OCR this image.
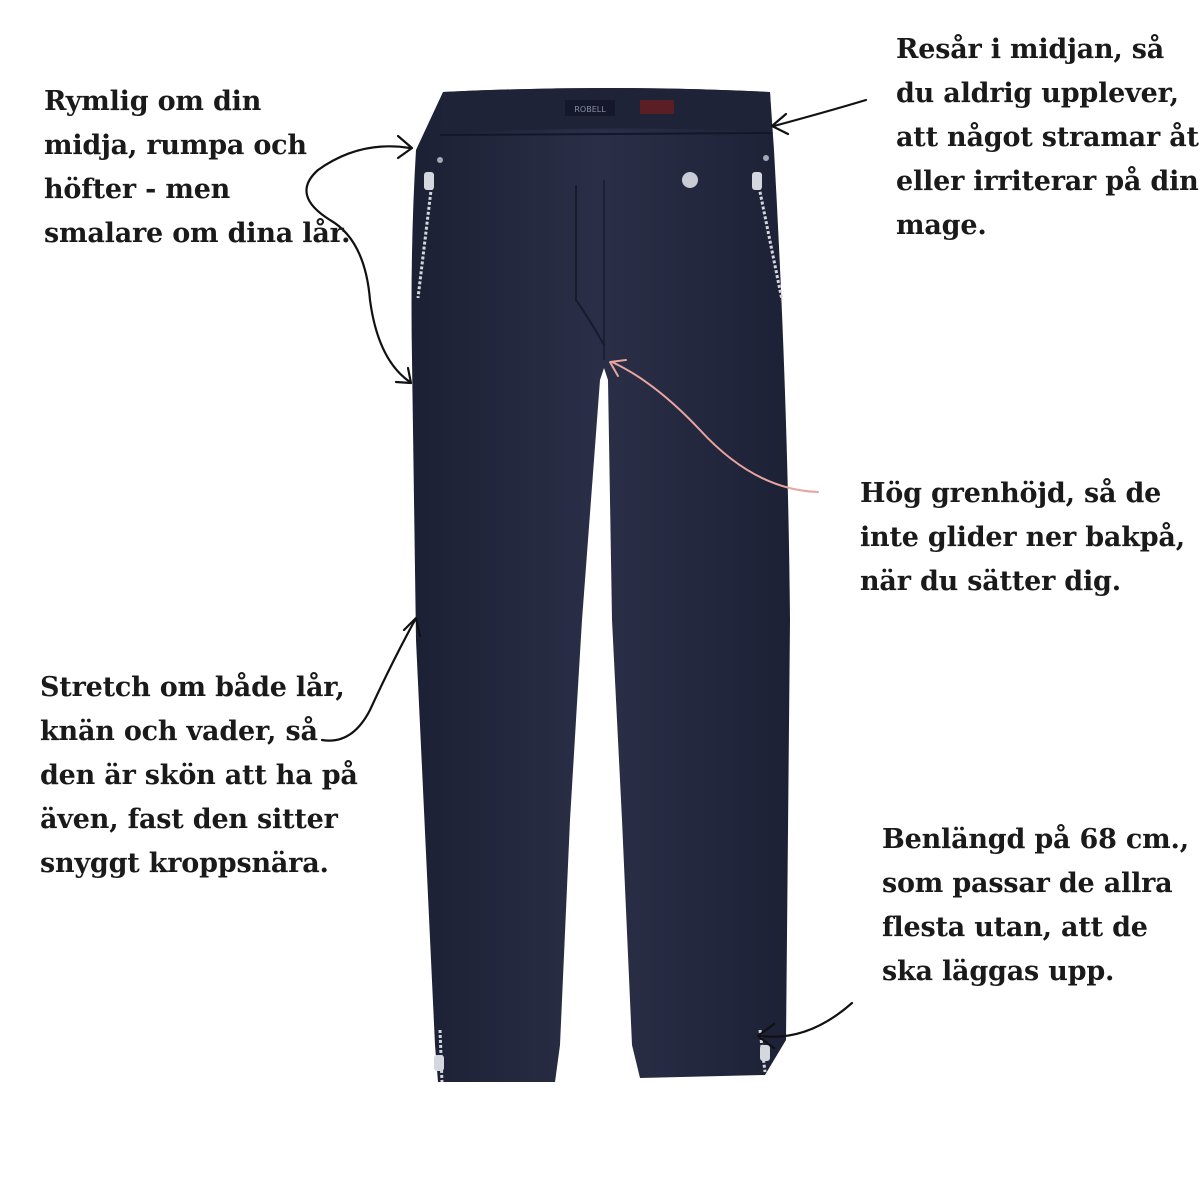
ROBELL
Rymlig om din
midja, rumpa och
höfter - men
smalare om dina lår.
Resår i midjan, så
du aldrig upplever,
att något stramar åt
eller irriterar på din
mage.
Hög grenhöjd, så de
inte glider ner bakpå,
när du sätter dig.
Stretch om både lår,
knän och vader, så
den är skön att ha på
även, fast den sitter
snyggt kroppsnära.
Benlängd på 68 cm.,
som passar de allra
flesta utan, att de
ska läggas upp.
